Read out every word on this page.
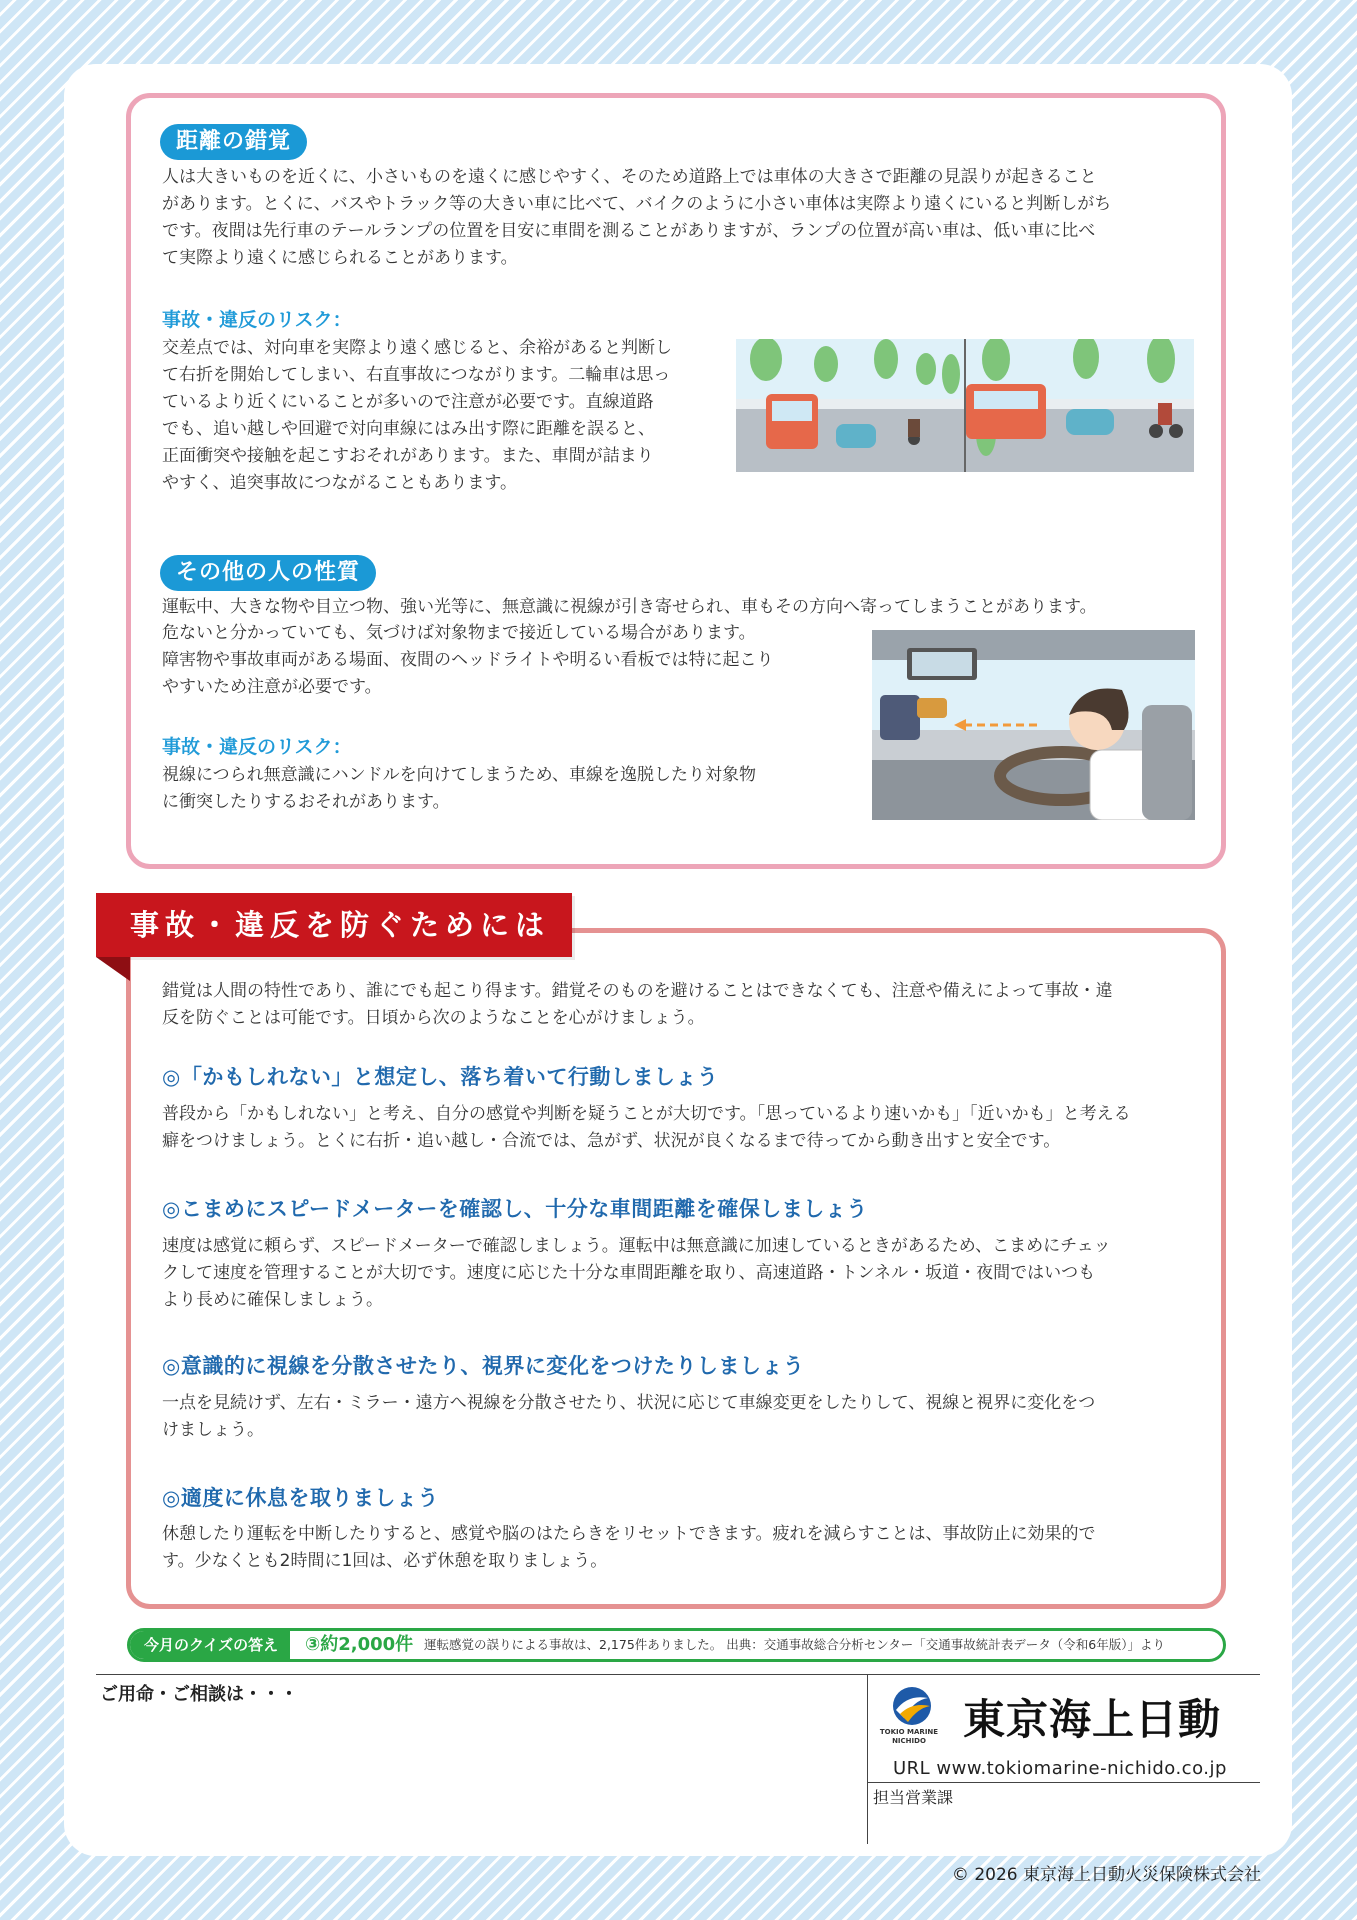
距離の錯覚
人は大きいものを近くに、小さいものを遠くに感じやすく、そのため道路上では車体の大きさで距離の見誤りが起きること
があります。とくに、バスやトラック等の大きい車に比べて、バイクのように小さい車体は実際より遠くにいると判断しがち
です。夜間は先行車のテールランプの位置を目安に車間を測ることがありますが、ランプの位置が高い車は、低い車に比べ
て実際より遠くに感じられることがあります。
事故・違反のリスク：
交差点では、対向車を実際より遠く感じると、余裕があると判断し
て右折を開始してしまい、右直事故につながります。二輪車は思っ
ているより近くにいることが多いので注意が必要です。直線道路
でも、追い越しや回避で対向車線にはみ出す際に距離を誤ると、
正面衝突や接触を起こすおそれがあります。また、車間が詰まり
やすく、追突事故につながることもあります。
その他の人の性質
運転中、大きな物や目立つ物、強い光等に、無意識に視線が引き寄せられ、車もその方向へ寄ってしまうことがあります。
危ないと分かっていても、気づけば対象物まで接近している場合があります。
障害物や事故車両がある場面、夜間のヘッドライトや明るい看板では特に起こり
やすいため注意が必要です。
事故・違反のリスク：
視線につられ無意識にハンドルを向けてしまうため、車線を逸脱したり対象物
に衝突したりするおそれがあります。
事故・違反を防ぐためには
錯覚は人間の特性であり、誰にでも起こり得ます。錯覚そのものを避けることはできなくても、注意や備えによって事故・違
反を防ぐことは可能です。日頃から次のようなことを心がけましょう。
◎「かもしれない」と想定し、落ち着いて行動しましょう
普段から「かもしれない」と考え、自分の感覚や判断を疑うことが大切です。「思っているより速いかも」「近いかも」と考える
癖をつけましょう。とくに右折・追い越し・合流では、急がず、状況が良くなるまで待ってから動き出すと安全です。
◎こまめにスピードメーターを確認し、十分な車間距離を確保しましょう
速度は感覚に頼らず、スピードメーターで確認しましょう。運転中は無意識に加速しているときがあるため、こまめにチェッ
クして速度を管理することが大切です。速度に応じた十分な車間距離を取り、高速道路・トンネル・坂道・夜間ではいつも
より長めに確保しましょう。
◎意識的に視線を分散させたり、視界に変化をつけたりしましょう
一点を見続けず、左右・ミラー・遠方へ視線を分散させたり、状況に応じて車線変更をしたりして、視線と視界に変化をつ
けましょう。
◎適度に休息を取りましょう
休憩したり運転を中断したりすると、感覚や脳のはたらきをリセットできます。疲れを減らすことは、事故防止に効果的で
す。少なくとも2時間に1回は、必ず休憩を取りましょう。
今月のクイズの答え	③約2,000件 運転感覚の誤りによる事故は、2,175件ありました。 出典：交通事故総合分析センター「交通事故統計表データ（令和6年版）」より
ご用命・ご相談は・・・
TOKIO MARINE NICHIDO 東京海上日動
URL www.tokiomarine-nichido.co.jp
担当営業課
© 2026 東京海上日動火災保険株式会社
